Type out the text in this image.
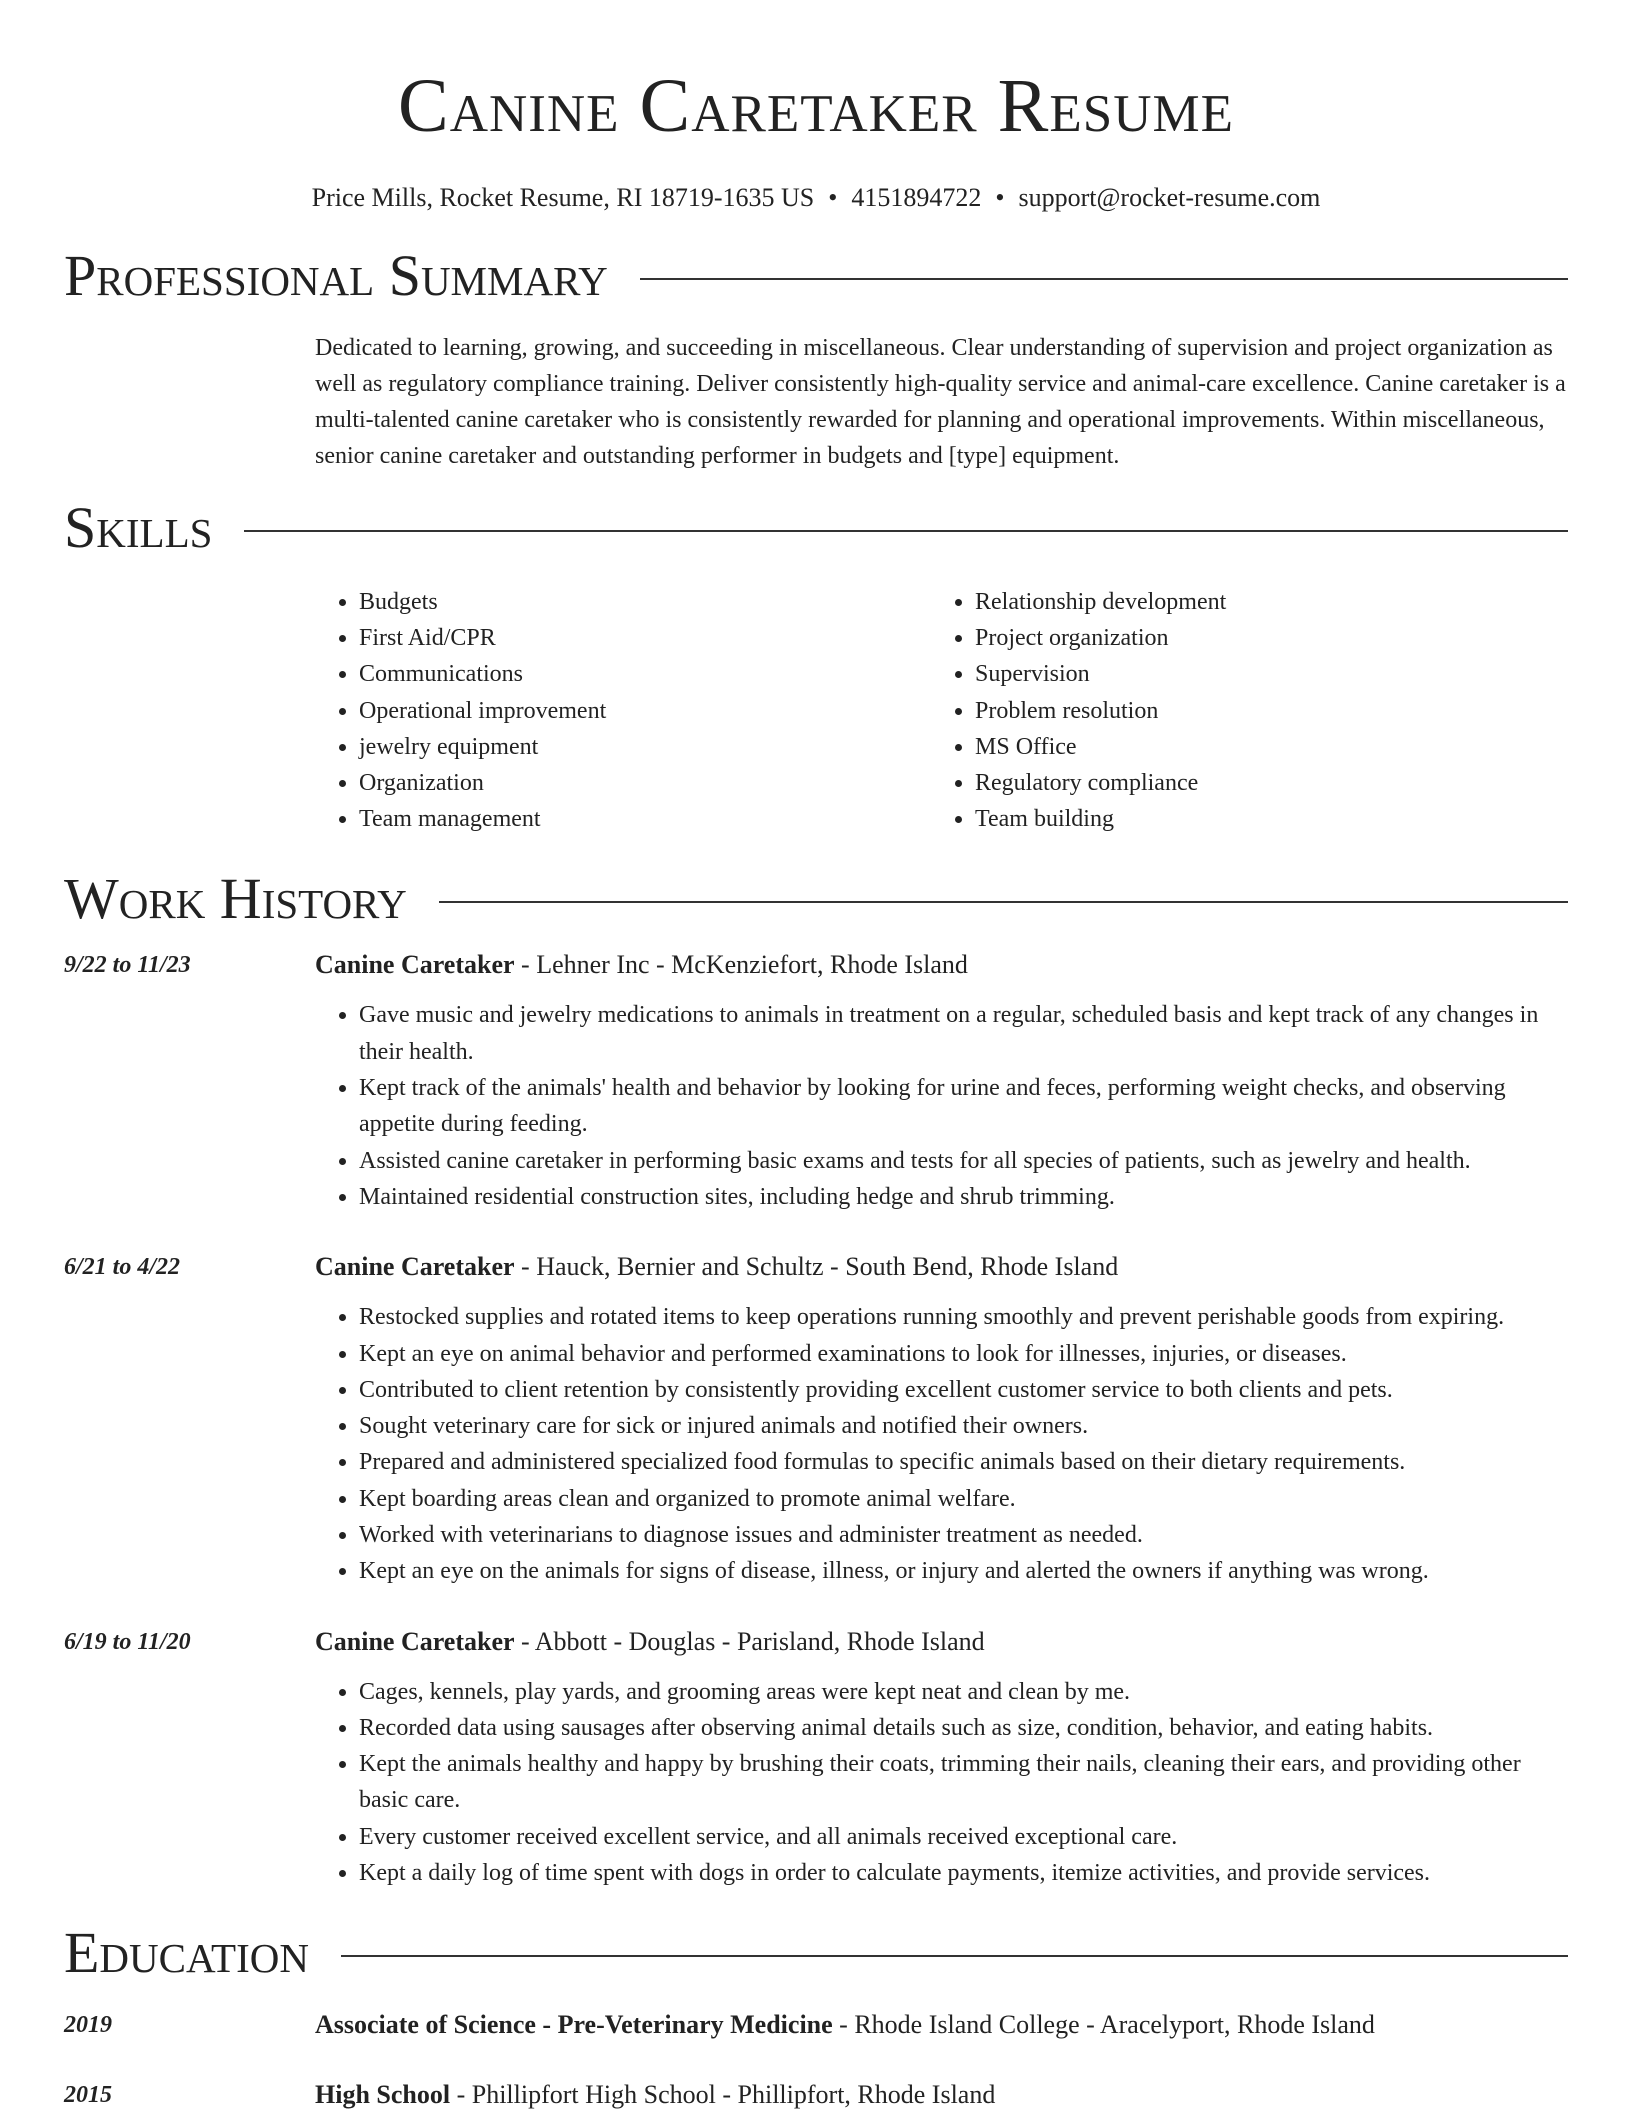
Canine Caretaker Resume
Price Mills, Rocket Resume, RI 18719-1635 US • 4151894722 • support@rocket-resume.com
Professional Summary
Dedicated to learning, growing, and succeeding in miscellaneous. Clear understanding of supervision and project organization as well as regulatory compliance training. Deliver consistently high-quality service and animal-care excellence. Canine caretaker is a multi-talented canine caretaker who is consistently rewarded for planning and operational improvements. Within miscellaneous, senior canine caretaker and outstanding performer in budgets and [type] equipment.
Skills
• Budgets
• First Aid/CPR
• Communications
• Operational improvement
• jewelry equipment
• Organization
• Team management
• Relationship development
• Project organization
• Supervision
• Problem resolution
• MS Office
• Regulatory compliance
• Team building
Work History
9/22 to 11/23	Canine Caretaker - Lehner Inc - McKenziefort, Rhode Island
• Gave music and jewelry medications to animals in treatment on a regular, scheduled basis and kept track of any changes in their health.
• Kept track of the animals' health and behavior by looking for urine and feces, performing weight checks, and observing appetite during feeding.
• Assisted canine caretaker in performing basic exams and tests for all species of patients, such as jewelry and health.
• Maintained residential construction sites, including hedge and shrub trimming.
6/21 to 4/22	Canine Caretaker - Hauck, Bernier and Schultz - South Bend, Rhode Island
• Restocked supplies and rotated items to keep operations running smoothly and prevent perishable goods from expiring.
• Kept an eye on animal behavior and performed examinations to look for illnesses, injuries, or diseases.
• Contributed to client retention by consistently providing excellent customer service to both clients and pets.
• Sought veterinary care for sick or injured animals and notified their owners.
• Prepared and administered specialized food formulas to specific animals based on their dietary requirements.
• Kept boarding areas clean and organized to promote animal welfare.
• Worked with veterinarians to diagnose issues and administer treatment as needed.
• Kept an eye on the animals for signs of disease, illness, or injury and alerted the owners if anything was wrong.
6/19 to 11/20	Canine Caretaker - Abbott - Douglas - Parisland, Rhode Island
• Cages, kennels, play yards, and grooming areas were kept neat and clean by me.
• Recorded data using sausages after observing animal details such as size, condition, behavior, and eating habits.
• Kept the animals healthy and happy by brushing their coats, trimming their nails, cleaning their ears, and providing other basic care.
• Every customer received excellent service, and all animals received exceptional care.
• Kept a daily log of time spent with dogs in order to calculate payments, itemize activities, and provide services.
Education
2019	Associate of Science - Pre-Veterinary Medicine - Rhode Island College - Aracelyport, Rhode Island
2015	High School - Phillipfort High School - Phillipfort, Rhode Island
